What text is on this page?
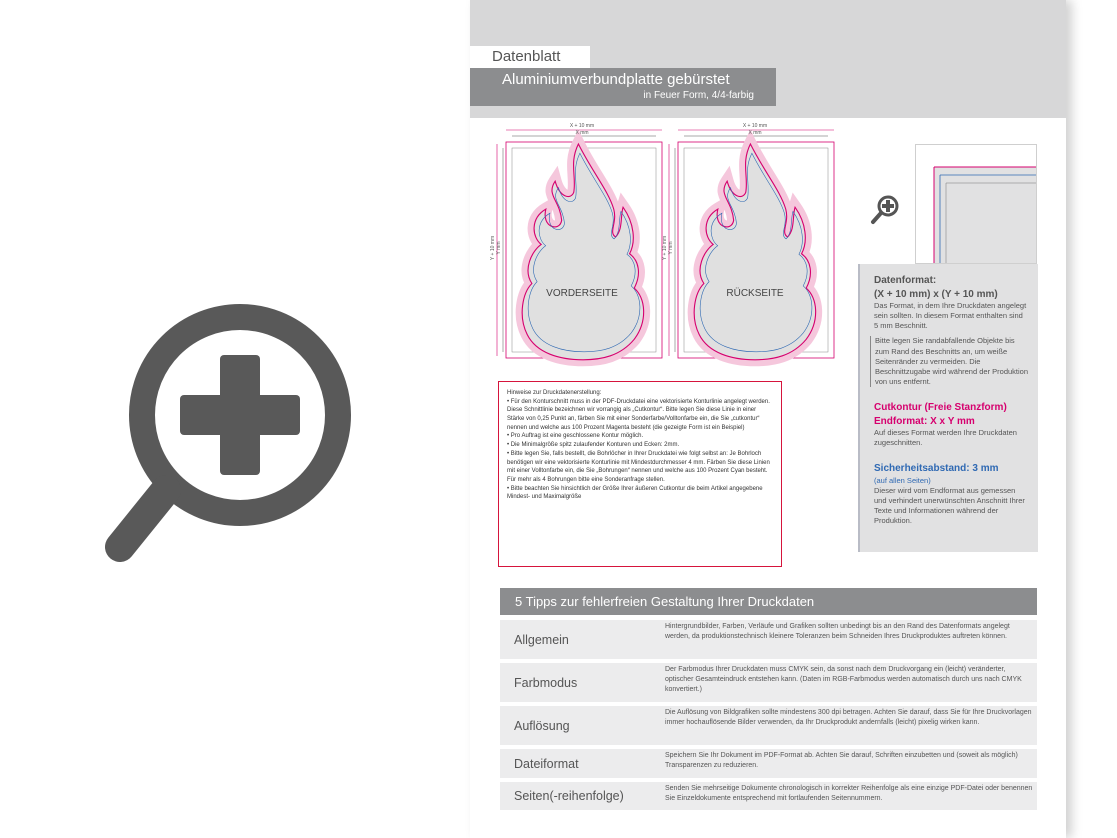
Datenblatt
Aluminiumverbundplatte gebürstet
in Feuer Form, 4/4-farbig
VORDERSEITE	RÜCKSEITE
X + 10 mm
X mm
X + 10 mm
X mm
Y + 10 mm Y mm	Y + 10 mm Y mm
Datenformat:
(X + 10 mm) x (Y + 10 mm)

Das Format, in dem Ihre Druckdaten angelegt sein sollten. In diesem Format enthalten sind 5 mm Beschnitt.

Bitte legen Sie randabfallende Objekte bis zum Rand des Beschnitts an, um weiße Seitenränder zu vermeiden. Die Beschnittzugabe wird während der Produktion von uns entfernt.

Cutkontur (Freie Stanzform)
Endformat: X x Y mm

Auf dieses Format werden Ihre Druckdaten zugeschnitten.

Sicherheitsabstand: 3 mm

(auf allen Seiten)

Dieser wird vom Endformat aus gemessen und verhindert unerwünschten Anschnitt Ihrer Texte und Informationen während der Produktion.

Hinweise zur Druckdatenerstellung:

• Für den Konturschnitt muss in der PDF-Druckdatei eine vektorisierte Konturlinie angelegt werden. Diese Schnittlinie bezeichnen wir vorrangig als „Cutkontur“. Bitte legen Sie diese Linie in einer Stärke von 0,25 Punkt an, färben Sie mit einer Sonderfarbe/Volltonfarbe ein, die Sie „cutkontur“ nennen und welche aus 100 Prozent Magenta besteht (die gezeigte Form ist ein Beispiel)

• Pro Auftrag ist eine geschlossene Kontur möglich.

• Die Minimalgröße spitz zulaufender Konturen und Ecken: 2mm.

• Bitte legen Sie, falls bestellt, die Bohrlöcher in Ihrer Druckdatei wie folgt selbst an: Je Bohrloch benötigen wir eine vektorisierte Konturlinie mit Mindestdurchmesser 4 mm. Färben Sie diese Linien mit einer Volltonfarbe ein, die Sie „Bohrungen“ nennen und welche aus 100 Prozent Cyan besteht. Für mehr als 4 Bohrungen bitte eine Sonderanfrage stellen.

• Bitte beachten Sie hinsichtlich der Größe Ihrer äußeren Cutkontur die beim Artikel angegebene Mindest- und Maximalgröße

5 Tipps zur fehlerfreien Gestaltung Ihrer Druckdaten
Allgemein
Hintergrundbilder, Farben, Verläufe und Grafiken sollten unbedingt bis an den Rand des Datenformats angelegt werden, da produktionstechnisch kleinere Toleranzen beim Schneiden Ihres Druckproduktes auftreten können.
Farbmodus
Der Farbmodus Ihrer Druckdaten muss CMYK sein, da sonst nach dem Druckvorgang ein (leicht) veränderter, optischer Gesamteindruck entstehen kann. (Daten im RGB-Farbmodus werden automatisch durch uns nach CMYK konvertiert.)
Auflösung
Die Auflösung von Bildgrafiken sollte mindestens 300 dpi betragen. Achten Sie darauf, dass Sie für Ihre Druckvorlagen immer hochauflösende Bilder verwenden, da Ihr Druckprodukt andernfalls (leicht) pixelig wirken kann.
Dateiformat
Speichern Sie Ihr Dokument im PDF-Format ab. Achten Sie darauf, Schriften einzubetten und (soweit als möglich) Transparenzen zu reduzieren.
Seiten(-reihenfolge)
Senden Sie mehrseitige Dokumente chronologisch in korrekter Reihenfolge als eine einzige PDF-Datei oder benennen Sie Einzeldokumente entsprechend mit fortlaufenden Seitennummern.
